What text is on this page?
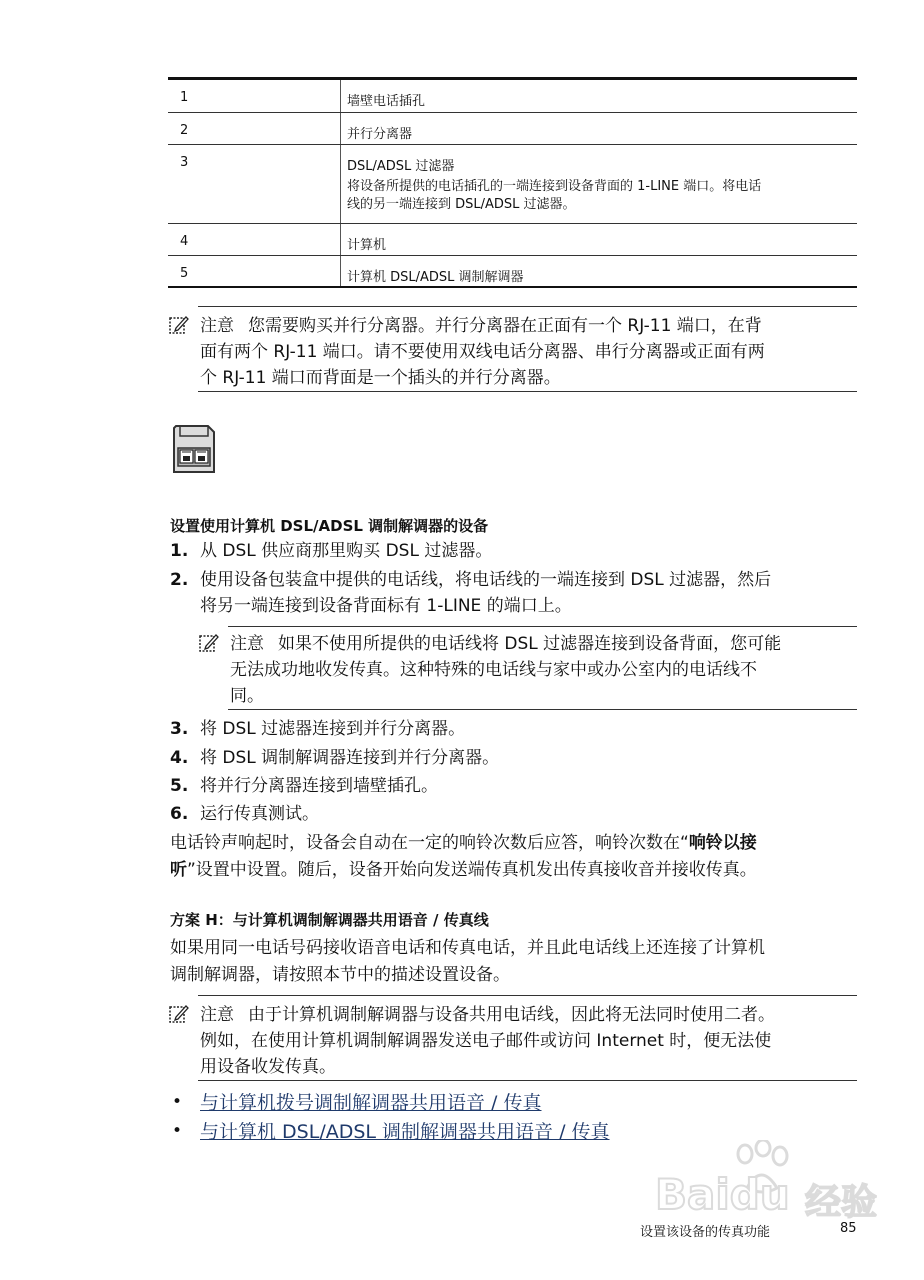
1	墙壁电话插孔
2	并行分离器
3	DSL/ADSL 过滤器
将设备所提供的电话插孔的一端连接到设备背面的 1-LINE 端口。将电话
线的另一端连接到 DSL/ADSL 过滤器。
4	计算机
5	计算机 DSL/ADSL 调制解调器
注意 您需要购买并行分离器。并行分离器在正面有一个 RJ-11 端口，在背
面有两个 RJ-11 端口。请不要使用双线电话分离器、串行分离器或正面有两
个 RJ-11 端口而背面是一个插头的并行分离器。
设置使用计算机 DSL/ADSL 调制解调器的设备
1. 从 DSL 供应商那里购买 DSL 过滤器。
2. 使用设备包装盒中提供的电话线，将电话线的一端连接到 DSL 过滤器，然后
将另一端连接到设备背面标有 1-LINE 的端口上。
注意 如果不使用所提供的电话线将 DSL 过滤器连接到设备背面，您可能
无法成功地收发传真。这种特殊的电话线与家中或办公室内的电话线不
同。
3. 将 DSL 过滤器连接到并行分离器。
4. 将 DSL 调制解调器连接到并行分离器。
5. 将并行分离器连接到墙壁插孔。
6. 运行传真测试。
电话铃声响起时，设备会自动在一定的响铃次数后应答，响铃次数在“响铃以接
听”设置中设置。随后，设备开始向发送端传真机发出传真接收音并接收传真。
方案 H：与计算机调制解调器共用语音 / 传真线
如果用同一电话号码接收语音电话和传真电话，并且此电话线上还连接了计算机
调制解调器，请按照本节中的描述设置设备。
注意 由于计算机调制解调器与设备共用电话线，因此将无法同时使用二者。
例如，在使用计算机调制解调器发送电子邮件或访问 Internet 时，便无法使
用设备收发传真。
• 与计算机拨号调制解调器共用语音 / 传真
• 与计算机 DSL/ADSL 调制解调器共用语音 / 传真
Baidu 经验
设置该设备的传真功能	85
